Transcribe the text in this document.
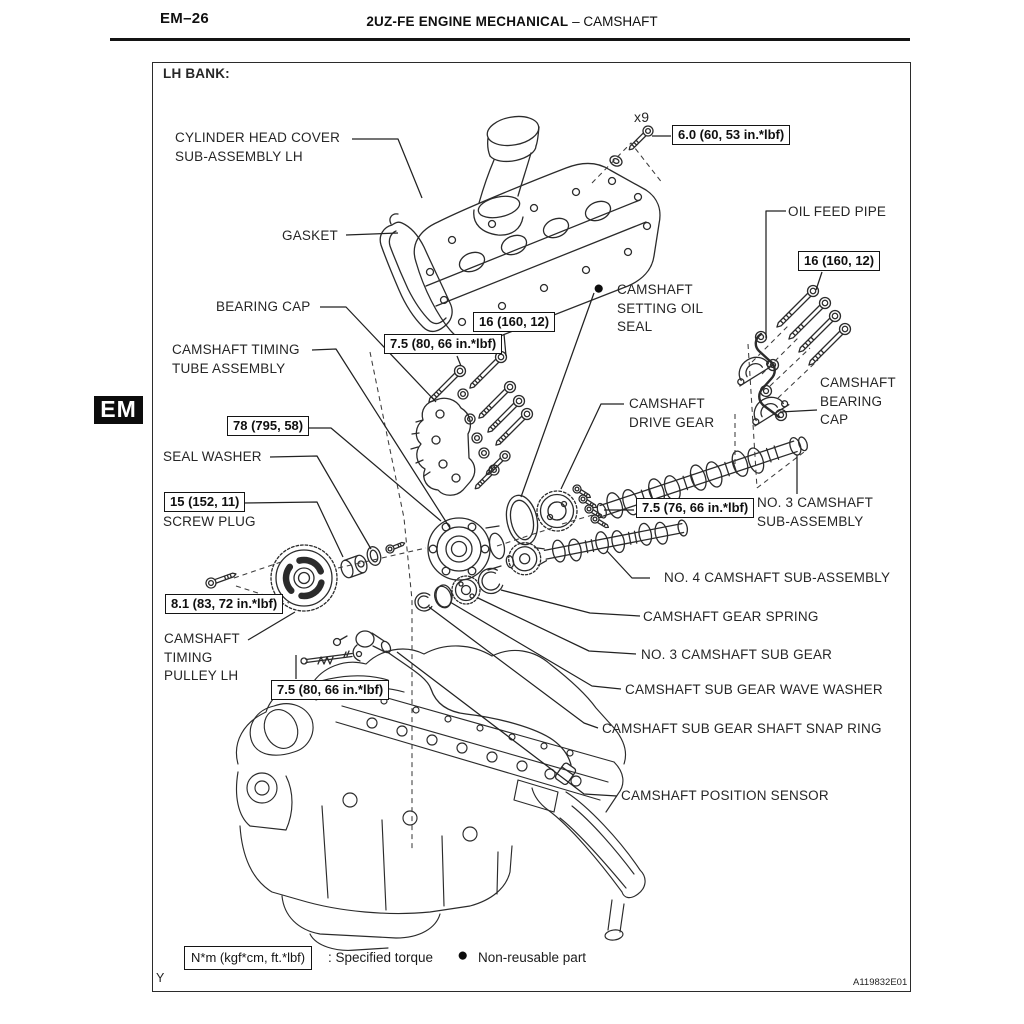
EM–26	2UZ-FE ENGINE MECHANICAL – CAMSHAFT
EM
LH BANK:
CYLINDER HEAD COVER
SUB-ASSEMBLY LH
GASKET
x9
OIL FEED PIPE
BEARING CAP
CAMSHAFT TIMING
TUBE ASSEMBLY
● CAMSHAFT
SETTING OIL
SEAL
CAMSHAFT
DRIVE GEAR
CAMSHAFT
BEARING
CAP
SEAL WASHER
SCREW PLUG
NO. 3 CAMSHAFT
SUB-ASSEMBLY
NO. 4 CAMSHAFT SUB-ASSEMBLY
CAMSHAFT GEAR SPRING
CAMSHAFT
TIMING
PULLEY LH
NO. 3 CAMSHAFT SUB GEAR
CAMSHAFT SUB GEAR WAVE WASHER
CAMSHAFT SUB GEAR SHAFT SNAP RING
CAMSHAFT POSITION SENSOR
6.0 (60, 53 in.*lbf)
16 (160, 12)
16 (160, 12)
7.5 (80, 66 in.*lbf)
78 (795, 58)
15 (152, 11)	7.5 (76, 66 in.*lbf)
8.1 (83, 72 in.*lbf)
7.5 (80, 66 in.*lbf)
N*m (kgf*cm, ft.*lbf)	: Specified torque ● Non-reusable part
Y	A119832E01
